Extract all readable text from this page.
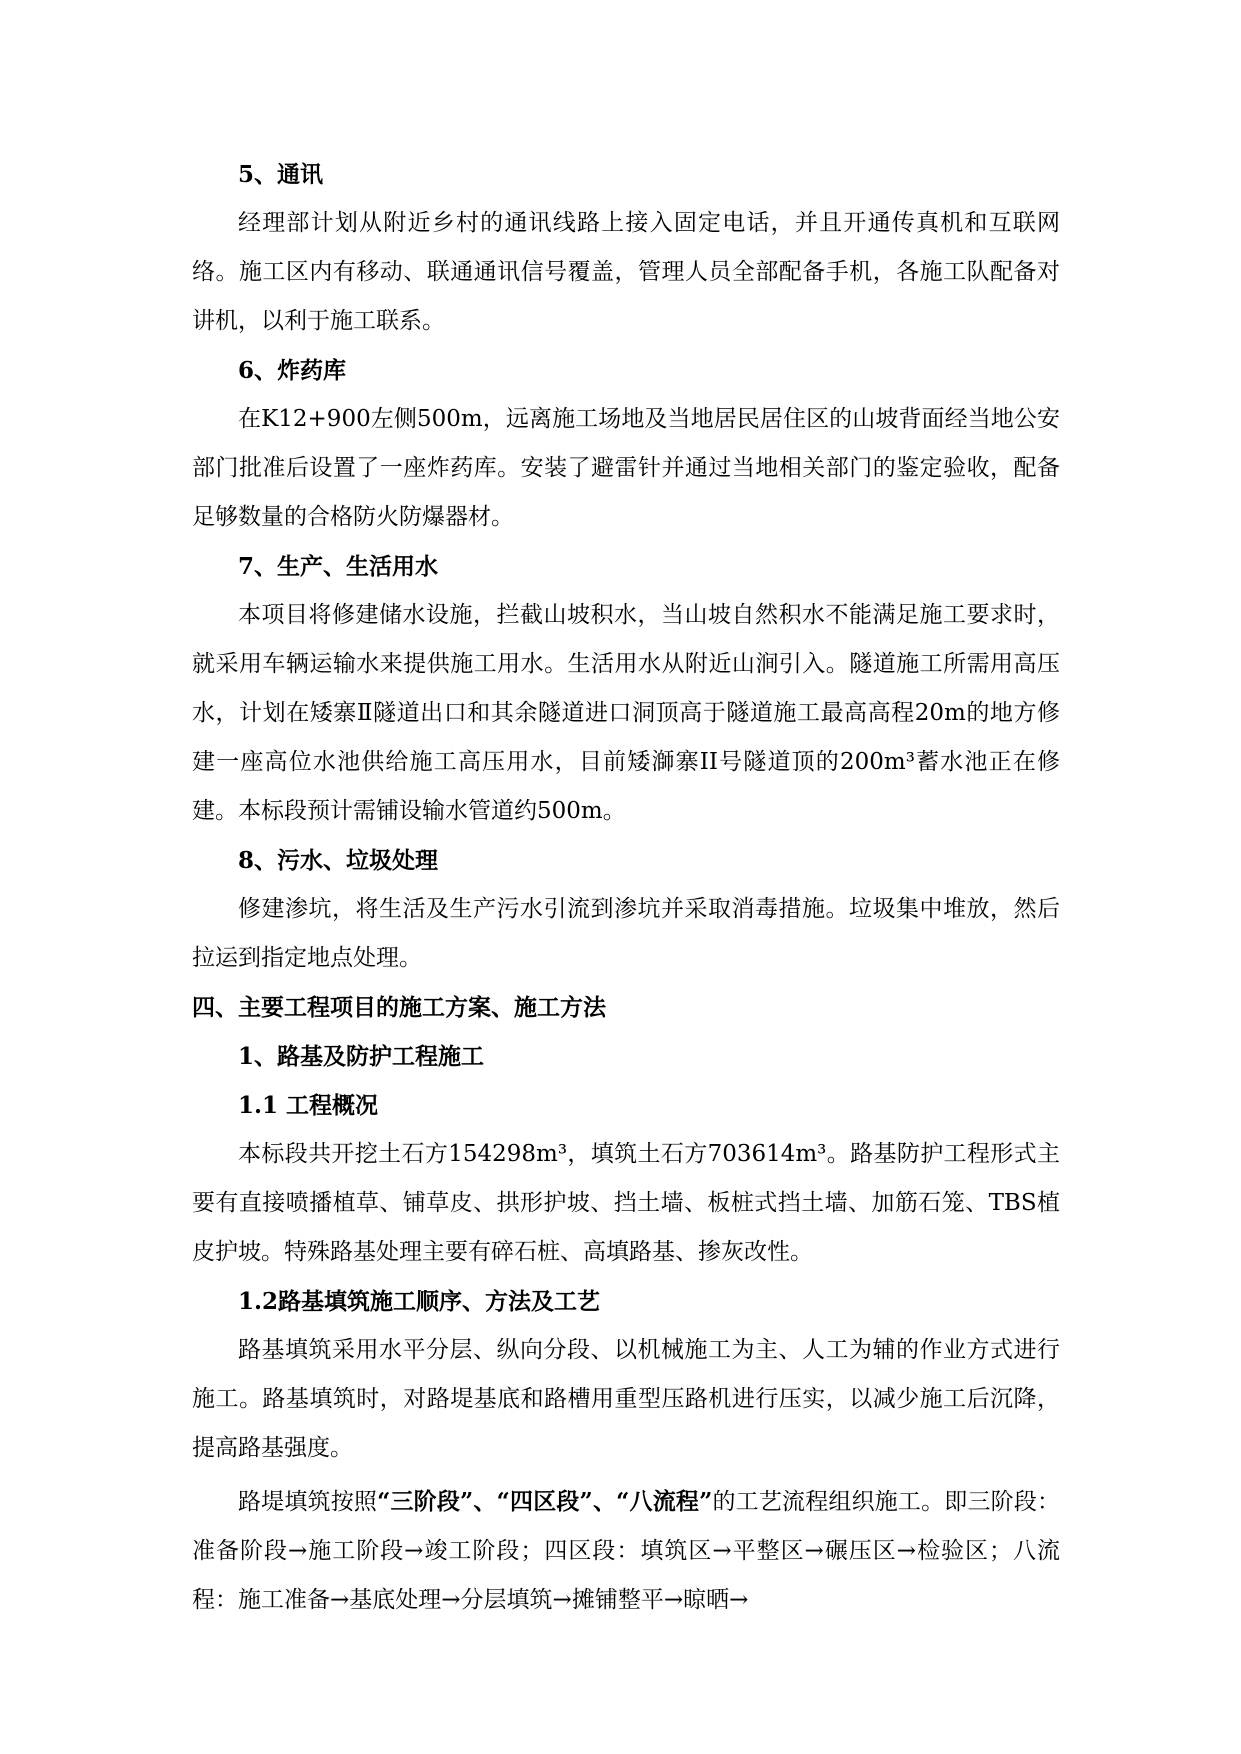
5、通讯

经理部计划从附近乡村的通讯线路上接入固定电话，并且开通传真机和互联网络。施工区内有移动、联通通讯信号覆盖，管理人员全部配备手机，各施工队配备对讲机，以利于施工联系。

6、炸药库

在K12+900左侧500m，远离施工场地及当地居民居住区的山坡背面经当地公安部门批准后设置了一座炸药库。安装了避雷针并通过当地相关部门的鉴定验收，配备足够数量的合格防火防爆器材。

7、生产、生活用水

本项目将修建储水设施，拦截山坡积水，当山坡自然积水不能满足施工要求时，就采用车辆运输水来提供施工用水。生活用水从附近山涧引入。隧道施工所需用高压水，计划在矮寨Ⅱ隧道出口和其余隧道进口洞顶高于隧道施工最高高程20m的地方修建一座高位水池供给施工高压用水，目前矮溮寨II号隧道顶的200m³蓄水池正在修建。本标段预计需铺设输水管道约500m。

8、污水、垃圾处理

修建渗坑，将生活及生产污水引流到渗坑并采取消毒措施。垃圾集中堆放，然后拉运到指定地点处理。

四、主要工程项目的施工方案、施工方法
1、路基及防护工程施工
1.1 工程概况

本标段共开挖土石方154298m³，填筑土石方703614m³。路基防护工程形式主要有直接喷播植草、铺草皮、拱形护坡、挡土墙、板桩式挡土墙、加筋石笼、TBS植皮护坡。特殊路基处理主要有碎石桩、高填路基、掺灰改性。

1.2路基填筑施工顺序、方法及工艺

路基填筑采用水平分层、纵向分段、以机械施工为主、人工为辅的作业方式进行施工。路基填筑时，对路堤基底和路槽用重型压路机进行压实，以减少施工后沉降，提高路基强度。

路堤填筑按照“三阶段”、“四区段”、“八流程”的工艺流程组织施工。即三阶段：准备阶段→施工阶段→竣工阶段；四区段：填筑区→平整区→碾压区→检验区；八流程：施工准备→基底处理→分层填筑→摊铺整平→晾晒→
